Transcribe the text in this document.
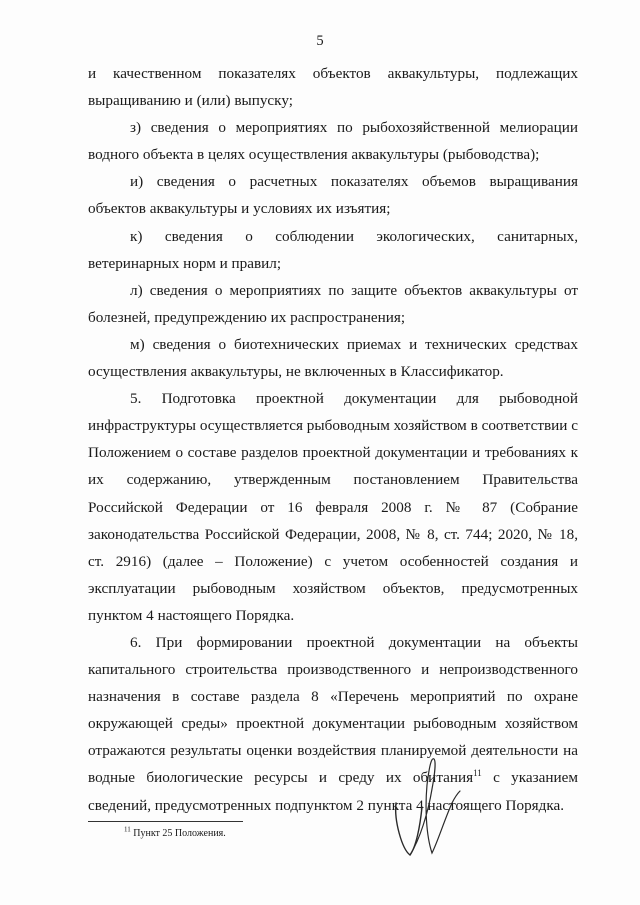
5

и качественном показателях объектов аквакультуры, подлежащих выращиванию и (или) выпуску;

з) сведения о мероприятиях по рыбохозяйственной мелиорации водного объекта в целях осуществления аквакультуры (рыбоводства);

и) сведения о расчетных показателях объемов выращивания объектов аквакультуры и условиях их изъятия;

к) сведения о соблюдении экологических, санитарных, ветеринарных норм и правил;

л) сведения о мероприятиях по защите объектов аквакультуры от болезней, предупреждению их распространения;

м) сведения о биотехнических приемах и технических средствах осуществления аквакультуры, не включенных в Классификатор.

5. Подготовка проектной документации для рыбоводной инфраструктуры осуществляется рыбоводным хозяйством в соответствии с Положением о составе разделов проектной документации и требованиях к их содержанию, утвержденным постановлением Правительства Российской Федерации от 16 февраля 2008 г. № 87 (Собрание законодательства Российской Федерации, 2008, № 8, ст. 744; 2020, № 18, ст. 2916) (далее – Положение) с учетом особенностей создания и эксплуатации рыбоводным хозяйством объектов, предусмотренных пунктом 4 настоящего Порядка.

6. При формировании проектной документации на объекты капитального строительства производственного и непроизводственного назначения в составе раздела 8 «Перечень мероприятий по охране окружающей среды» проектной документации рыбоводным хозяйством отражаются результаты оценки воздействия планируемой деятельности на водные биологические ресурсы и среду их обитания$^{11}$ с указанием сведений, предусмотренных подпунктом 2 пункта 4 настоящего Порядка.

$^{11}$ Пункт 25 Положения.
